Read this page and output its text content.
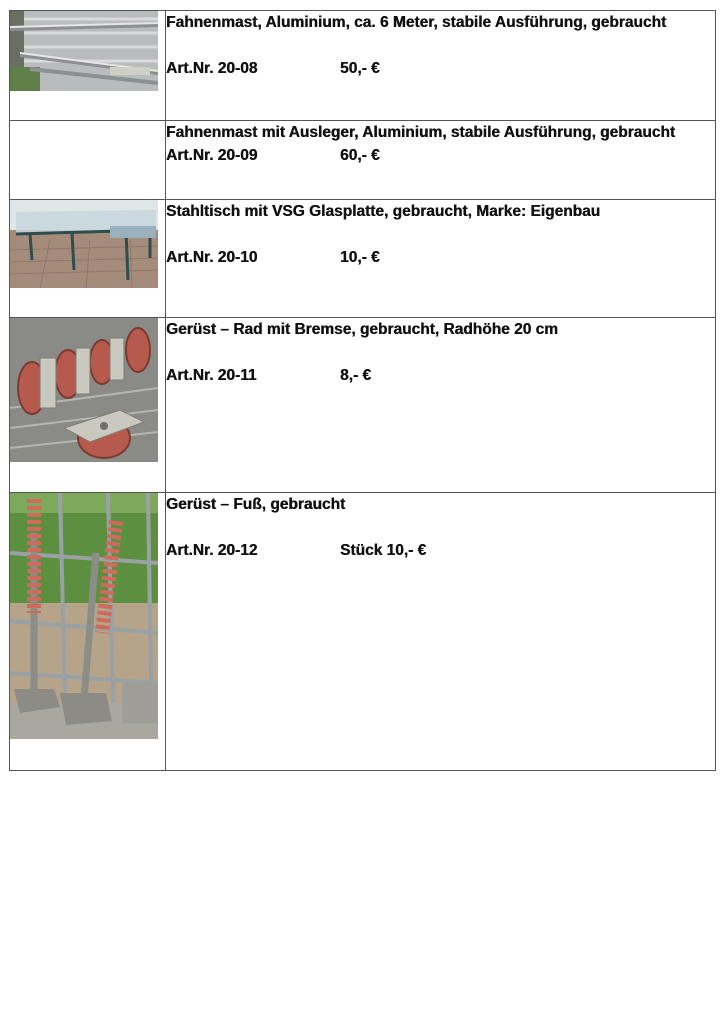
Fahnenmast, Aluminium, ca. 6 Meter, stabile Ausführung, gebraucht
Art.Nr. 20-08 50,- €

	Fahnenmast mit Ausleger, Aluminium, stabile Ausführung, gebraucht
Art.Nr. 20-09 60,- €

Stahltisch mit VSG Glasplatte, gebraucht, Marke: Eigenbau
Art.Nr. 20-10 10,- €

Gerüst – Rad mit Bremse, gebraucht, Radhöhe 20 cm
Art.Nr. 20-11 8,- €

Gerüst – Fuß, gebraucht
Art.Nr. 20-12 Stück 10,- €
